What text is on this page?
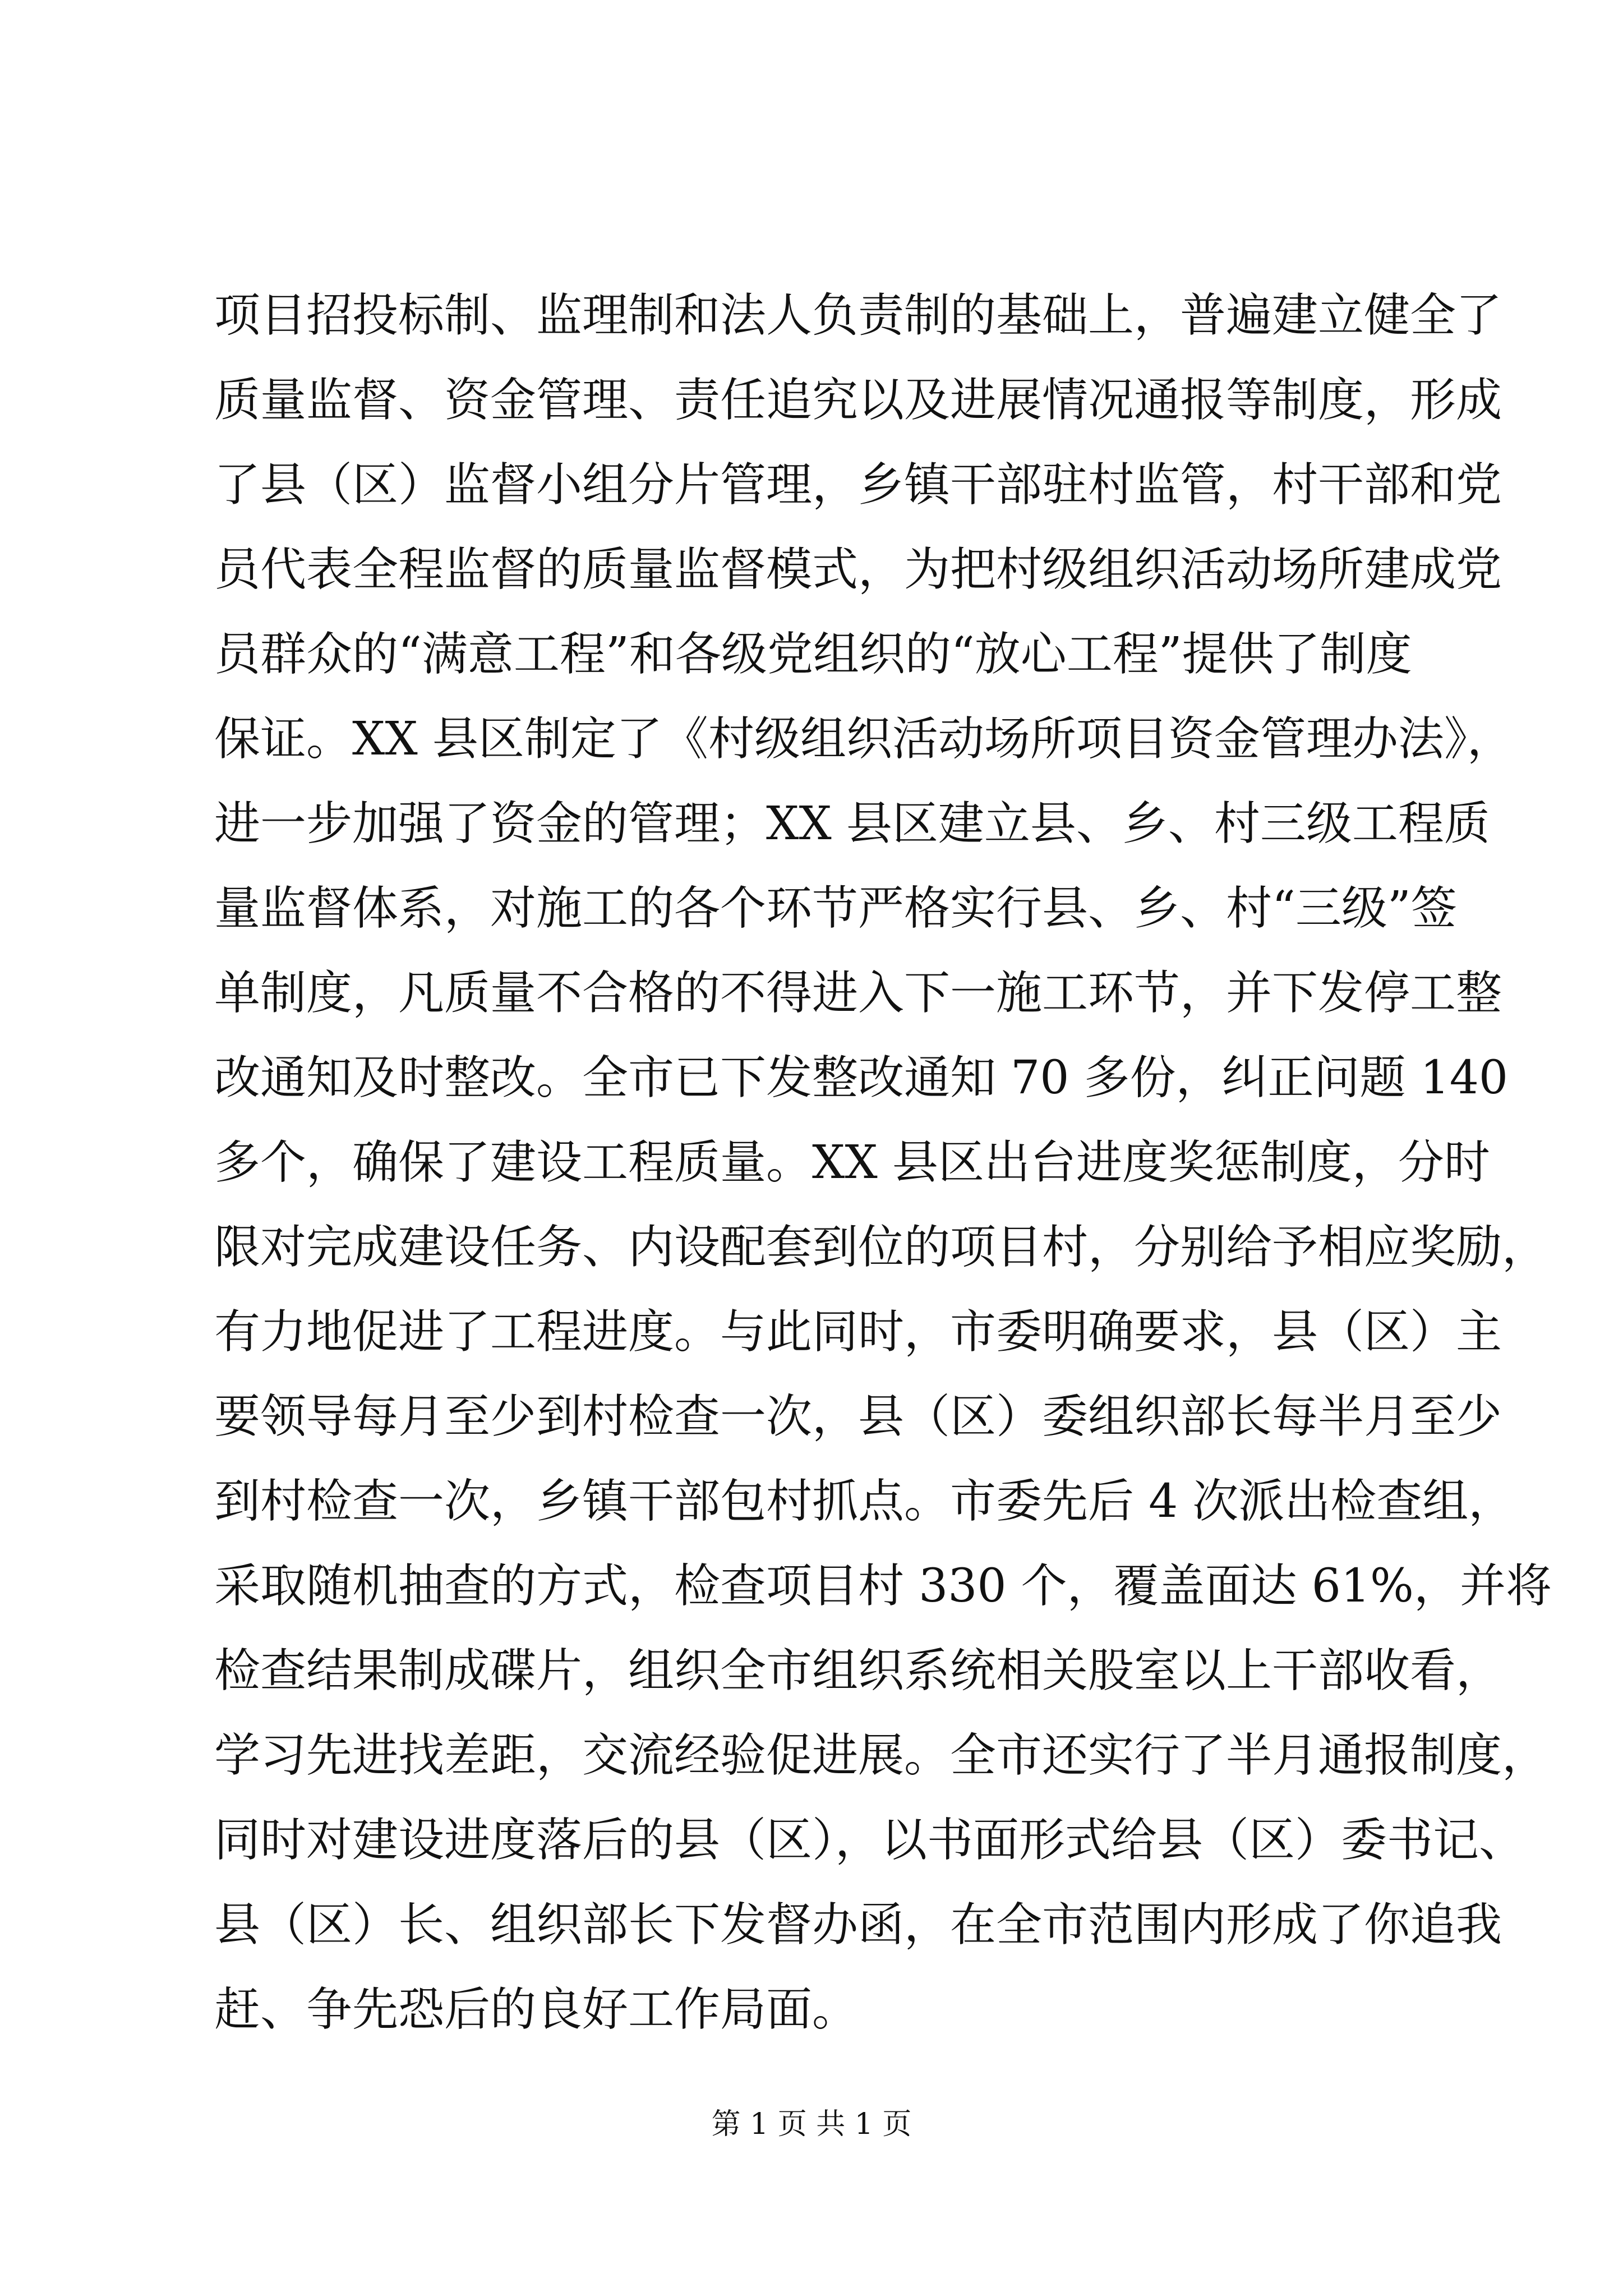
项目招投标制、监理制和法人负责制的基础上，普遍建立健全了
质量监督、资金管理、责任追究以及进展情况通报等制度，形成
了县（区）监督小组分片管理，乡镇干部驻村监管，村干部和党
员代表全程监督的质量监督模式，为把村级组织活动场所建成党
员群众的“满意工程”和各级党组织的“放心工程”提供了制度
保证。XX 县区制定了《村级组织活动场所项目资金管理办法》，
进一步加强了资金的管理；XX 县区建立县、乡、村三级工程质
量监督体系，对施工的各个环节严格实行县、乡、村“三级”签
单制度，凡质量不合格的不得进入下一施工环节，并下发停工整
改通知及时整改。全市已下发整改通知 70 多份，纠正问题 140
多个，确保了建设工程质量。XX 县区出台进度奖惩制度，分时
限对完成建设任务、内设配套到位的项目村，分别给予相应奖励，
有力地促进了工程进度。与此同时，市委明确要求，县（区）主
要领导每月至少到村检查一次，县（区）委组织部长每半月至少
到村检查一次，乡镇干部包村抓点。市委先后 4 次派出检查组，
采取随机抽查的方式，检查项目村 330 个，覆盖面达 61%，并将
检查结果制成碟片，组织全市组织系统相关股室以上干部收看，
学习先进找差距，交流经验促进展。全市还实行了半月通报制度，
同时对建设进度落后的县（区），以书面形式给县（区）委书记、
县（区）长、组织部长下发督办函，在全市范围内形成了你追我
赶、争先恐后的良好工作局面。
第 1 页 共 1 页
